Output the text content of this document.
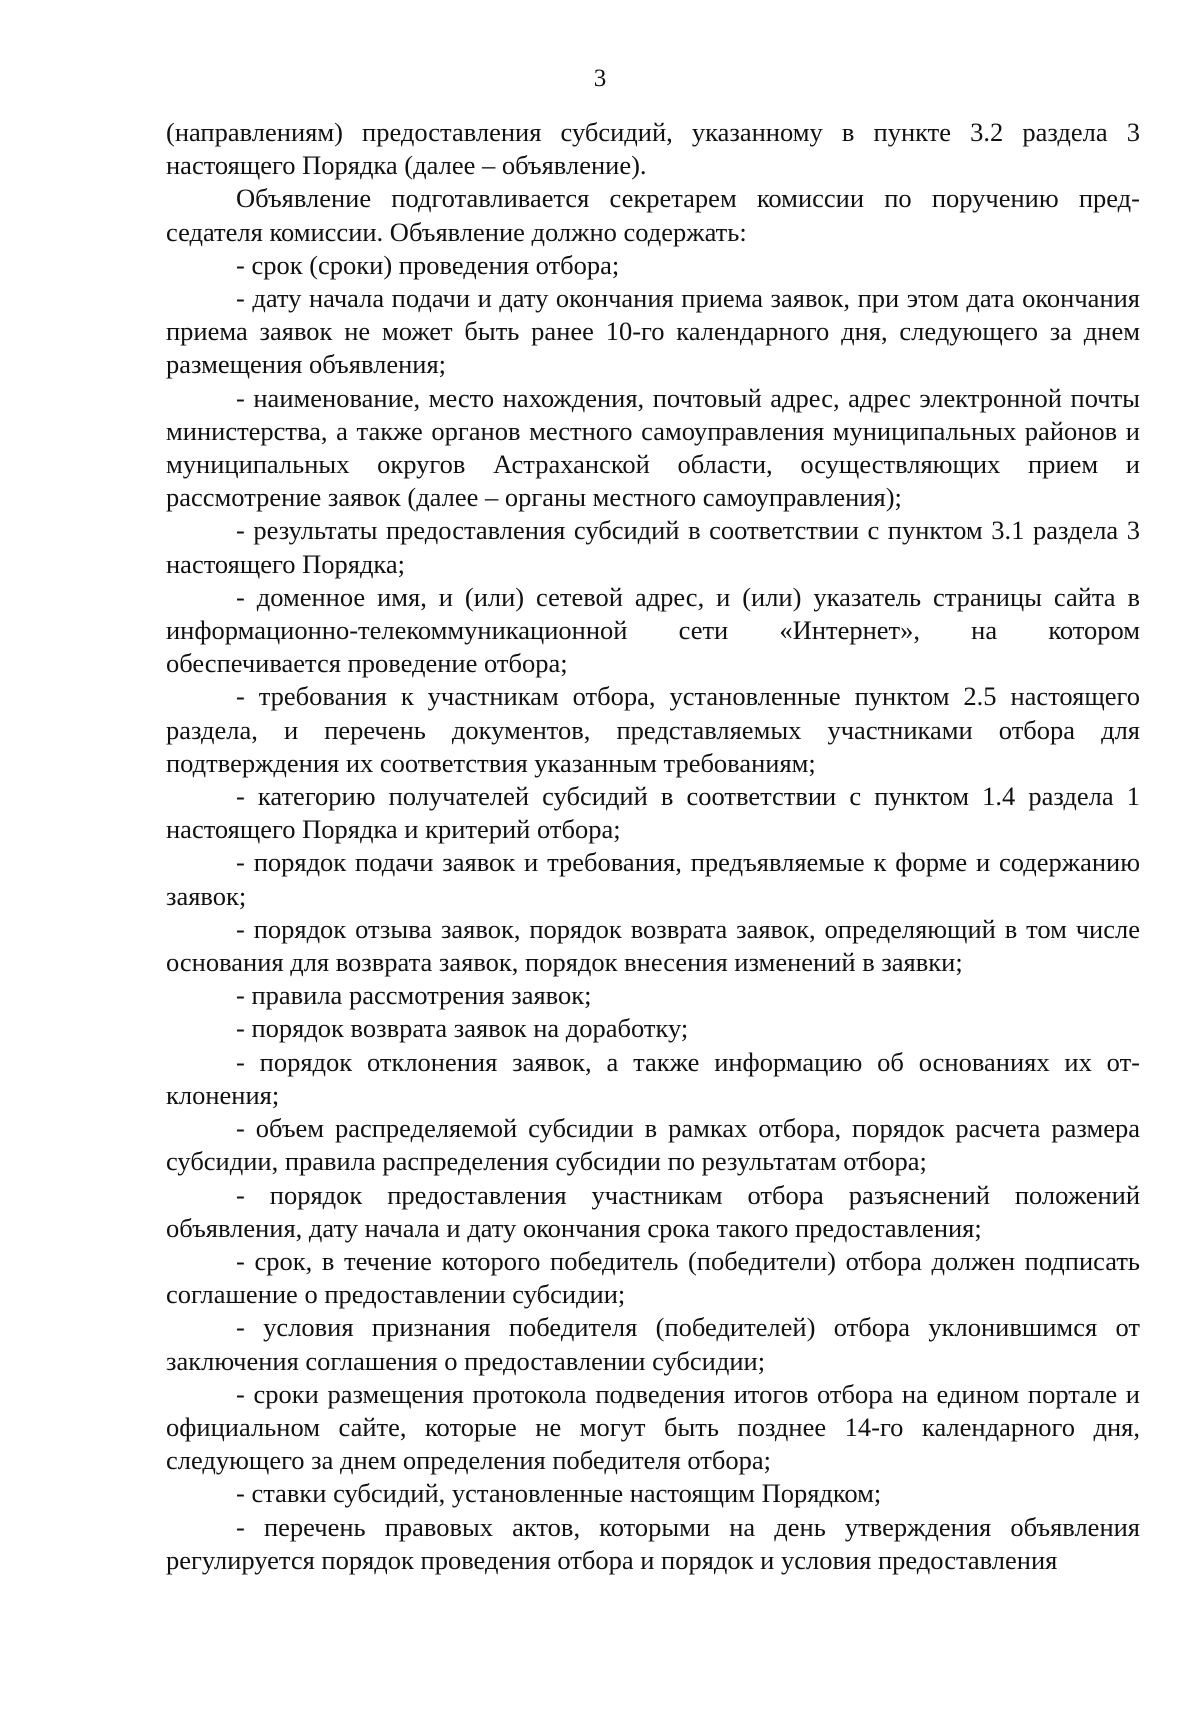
3

(направлениям) предоставления субсидий, указанному в пункте 3.2 раздела 3 настоящего Порядка (далее – объявление).

Объявление подготавливается секретарем комиссии по поручению председателя комиссии. Объявление должно содержать:

- срок (сроки) проведения отбора;

- дату начала подачи и дату окончания приема заявок, при этом дата окончания приема заявок не может быть ранее 10-го календарного дня, следующего за днем размещения объявления;

- наименование, место нахождения, почтовый адрес, адрес электронной почты министерства, а также органов местного самоуправления муниципальных районов и муниципальных округов Астраханской области, осуществляющих прием и рассмотрение заявок (далее – органы местного самоуправления);

- результаты предоставления субсидий в соответствии с пунктом 3.1 раздела 3 настоящего Порядка;

- доменное имя, и (или) сетевой адрес, и (или) указатель страницы сайта в информационно-телекоммуникационной сети «Интернет», на котором обеспечивается проведение отбора;

- требования к участникам отбора, установленные пунктом 2.5 настоящего раздела, и перечень документов, представляемых участниками отбора для подтверждения их соответствия указанным требованиям;

- категорию получателей субсидий в соответствии с пунктом 1.4 раздела 1 настоящего Порядка и критерий отбора;

- порядок подачи заявок и требования, предъявляемые к форме и содержанию заявок;

- порядок отзыва заявок, порядок возврата заявок, определяющий в том числе основания для возврата заявок, порядок внесения изменений в заявки;

- правила рассмотрения заявок;

- порядок возврата заявок на доработку;

- порядок отклонения заявок, а также информацию об основаниях их отклонения;

- объем распределяемой субсидии в рамках отбора, порядок расчета размера субсидии, правила распределения субсидии по результатам отбора;

- порядок предоставления участникам отбора разъяснений положений объявления, дату начала и дату окончания срока такого предоставления;

- срок, в течение которого победитель (победители) отбора должен подписать соглашение о предоставлении субсидии;

- условия признания победителя (победителей) отбора уклонившимся от заключения соглашения о предоставлении субсидии;

- сроки размещения протокола подведения итогов отбора на едином портале и официальном сайте, которые не могут быть позднее 14-го календарного дня, следующего за днем определения победителя отбора;

- ставки субсидий, установленные настоящим Порядком;

- перечень правовых актов, которыми на день утверждения объявления регулируется порядок проведения отбора и порядок и условия предоставления
